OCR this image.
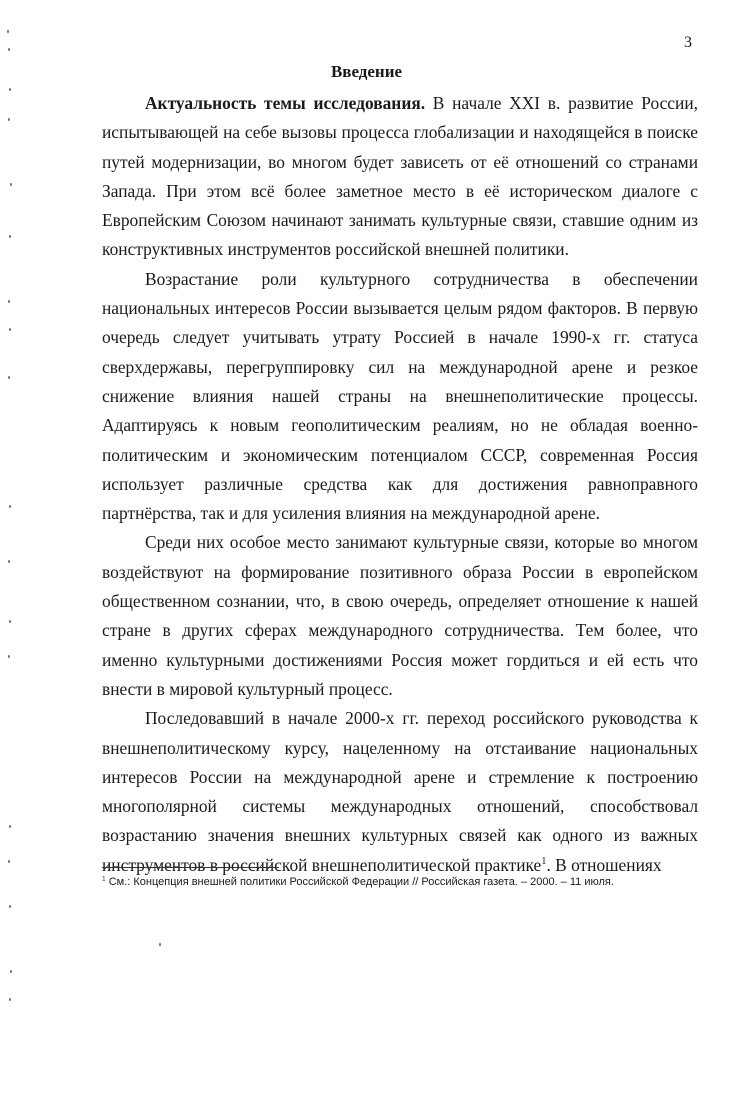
3
Введение

Актуальность темы исследования. В начале XXI в. развитие России, испытывающей на себе вызовы процесса глобализации и находящейся в поиске путей модернизации, во многом будет зависеть от её отношений со странами Запада. При этом всё более заметное место в её историческом диалоге с Европейским Союзом начинают занимать культурные связи, ставшие одним из конструктивных инструментов российской внешней политики.

Возрастание роли культурного сотрудничества в обеспечении национальных интересов России вызывается целым рядом факторов. В первую очередь следует учитывать утрату Россией в начале 1990-х гг. статуса сверхдержавы, перегруппировку сил на международной арене и резкое снижение влияния нашей страны на внешнеполитические процессы. Адаптируясь к новым геополитическим реалиям, но не обладая военно-политическим и экономическим потенциалом СССР, современная Россия использует различные средства как для достижения равноправного партнёрства, так и для усиления влияния на международной арене.

Среди них особое место занимают культурные связи, которые во многом воздействуют на формирование позитивного образа России в европейском общественном сознании, что, в свою очередь, определяет отношение к нашей стране в других сферах международного сотрудничества. Тем более, что именно культурными достижениями Россия может гордиться и ей есть что внести в мировой культурный процесс.

Последовавший в начале 2000-х гг. переход российского руководства к внешнеполитическому курсу, нацеленному на отстаивание национальных интересов России на международной арене и стремление к построению многополярной системы международных отношений, способствовал возрастанию значения внешних культурных связей как одного из важных инструментов в российской внешнеполитической практике$^1$. В отношениях

$^1$ См.: Концепция внешней политики Российской Федерации // Российская газета. – 2000. – 11 июля.
